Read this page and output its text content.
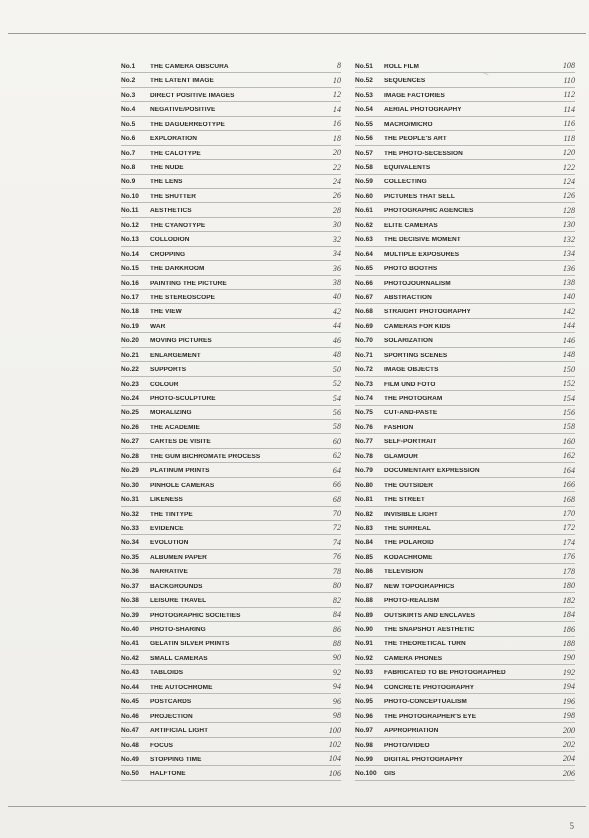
No.1	THE CAMERA OBSCURA	8
No.2	THE LATENT IMAGE	10
No.3	DIRECT POSITIVE IMAGES	12
No.4	NEGATIVE/POSITIVE	14
No.5	THE DAGUERREOTYPE	16
No.6	EXPLORATION	18
No.7	THE CALOTYPE	20
No.8	THE NUDE	22
No.9	THE LENS	24
No.10	THE SHUTTER	26
No.11	AESTHETICS	28
No.12	THE CYANOTYPE	30
No.13	COLLODION	32
No.14	CROPPING	34
No.15	THE DARKROOM	36
No.16	PAINTING THE PICTURE	38
No.17	THE STEREOSCOPE	40
No.18	THE VIEW	42
No.19	WAR	44
No.20	MOVING PICTURES	46
No.21	ENLARGEMENT	48
No.22	SUPPORTS	50
No.23	COLOUR	52
No.24	PHOTO-SCULPTURE	54
No.25	MORALIZING	56
No.26	THE ACADÉMIE	58
No.27	CARTES DE VISITE	60
No.28	THE GUM BICHROMATE PROCESS	62
No.29	PLATINUM PRINTS	64
No.30	PINHOLE CAMERAS	66
No.31	LIKENESS	68
No.32	THE TINTYPE	70
No.33	EVIDENCE	72
No.34	EVOLUTION	74
No.35	ALBUMEN PAPER	76
No.36	NARRATIVE	78
No.37	BACKGROUNDS	80
No.38	LEISURE TRAVEL	82
No.39	PHOTOGRAPHIC SOCIETIES	84
No.40	PHOTO-SHARING	86
No.41	GELATIN SILVER PRINTS	88
No.42	SMALL CAMERAS	90
No.43	TABLOIDS	92
No.44	THE AUTOCHROME	94
No.45	POSTCARDS	96
No.46	PROJECTION	98
No.47	ARTIFICIAL LIGHT	100
No.48	FOCUS	102
No.49	STOPPING TIME	104
No.50	HALFTONE	106
No.51	ROLL FILM	108
No.52	SEQUENCES	110
No.53	IMAGE FACTORIES	112
No.54	AERIAL PHOTOGRAPHY	114
No.55	MACRO/MICRO	116
No.56	THE PEOPLE'S ART	118
No.57	THE PHOTO-SECESSION	120
No.58	EQUIVALENTS	122
No.59	COLLECTING	124
No.60	PICTURES THAT SELL	126
No.61	PHOTOGRAPHIC AGENCIES	128
No.62	ELITE CAMERAS	130
No.63	THE DECISIVE MOMENT	132
No.64	MULTIPLE EXPOSURES	134
No.65	PHOTO BOOTHS	136
No.66	PHOTOJOURNALISM	138
No.67	ABSTRACTION	140
No.68	STRAIGHT PHOTOGRAPHY	142
No.69	CAMERAS FOR KIDS	144
No.70	SOLARIZATION	146
No.71	SPORTING SCENES	148
No.72	IMAGE OBJECTS	150
No.73	FILM UND FOTO	152
No.74	THE PHOTOGRAM	154
No.75	CUT-AND-PASTE	156
No.76	FASHION	158
No.77	SELF-PORTRAIT	160
No.78	GLAMOUR	162
No.79	DOCUMENTARY EXPRESSION	164
No.80	THE OUTSIDER	166
No.81	THE STREET	168
No.82	INVISIBLE LIGHT	170
No.83	THE SURREAL	172
No.84	THE POLAROID	174
No.85	KODACHROME	176
No.86	TELEVISION	178
No.87	NEW TOPOGRAPHICS	180
No.88	PHOTO-REALISM	182
No.89	OUTSKIRTS AND ENCLAVES	184
No.90	THE SNAPSHOT AESTHETIC	186
No.91	THE THEORETICAL TURN	188
No.92	CAMERA PHONES	190
No.93	FABRICATED TO BE PHOTOGRAPHED	192
No.94	CONCRETE PHOTOGRAPHY	194
No.95	PHOTO-CONCEPTUALISM	196
No.96	THE PHOTOGRAPHER'S EYE	198
No.97	APPROPRIATION	200
No.98	PHOTO/VIDEO	202
No.99	DIGITAL PHOTOGRAPHY	204
No.100	GIS	206
5
